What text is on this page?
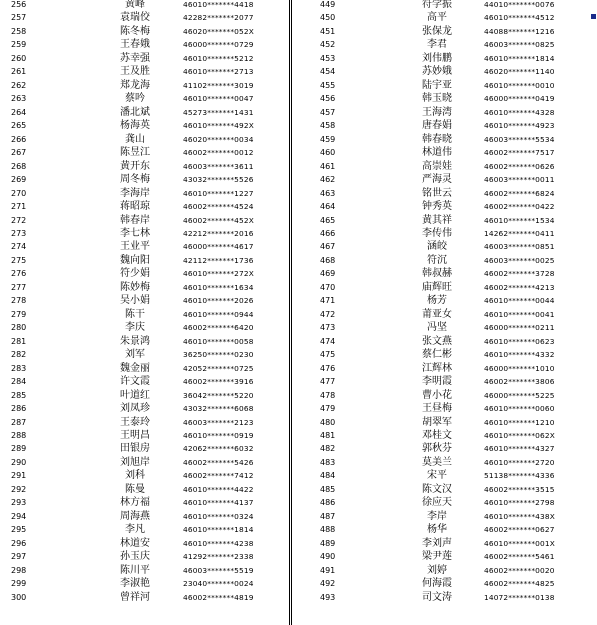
256	黄峰	46010*******4418
257	袁瑞佼	42282*******2077
258	陈冬梅	46020*******052X
259	王春娥	46000*******0729
260	苏幸强	46010*******5212
261	王及胜	46010*******2713
262	郑龙海	41102*******3019
263	蔡吟	46010*******0047
264	潘北斌	45273*******1431
265	杨海英	46010*******492X
266	龚山	46020*******0034
267	陈昱江	46002*******0012
268	黄开东	46003*******3611
269	周冬梅	43032*******5526
270	李海岸	46010*******1227
271	蒋昭琼	46002*******4524
272	韩春岸	46002*******452X
273	李七林	42212*******2016
274	王业平	46000*******4617
275	魏向阳	42112*******1736
276	符少娟	46010*******272X
277	陈妙梅	46010*******1634
278	吴小娟	46010*******2026
279	陈干	46010*******0944
280	李庆	46002*******6420
281	朱景鸿	46010*******0058
282	刘军	36250*******0230
283	魏金丽	42052*******0725
284	许文霞	46002*******3916
285	叶道红	36042*******5220
286	刘凤珍	43032*******6068
287	王泰玲	46003*******2123
288	王明昌	46010*******0919
289	田银房	42062*******6032
290	刘旭岸	46002*******5426
291	刘科	46002*******7412
292	陈曼	46010*******4422
293	林方福	46010*******4137
294	周海燕	46010*******0324
295	李凡	46010*******1814
296	林道安	46010*******4238
297	孙玉庆	41292*******2338
298	陈川平	46003*******5519
299	李淑艳	23040*******0024
300	曾祥河	46002*******4819
449	符学振	44010*******0076
450	高平	46010*******4512
451	张保龙	44088*******1216
452	李君	46003*******0825
453	刘伟鹏	46010*******1814
454	苏妙娥	46020*******1140
455	陆宇亚	46010*******0010
456	韩玉晓	46000*******0419
457	王海湾	46010*******4328
458	唐春娟	46010*******4923
459	韩春晓	46003*******5534
460	林道伟	46002*******7517
461	高崇娃	46002*******0626
462	严海灵	46003*******0011
463	铭世云	46002*******6824
464	钟秀英	46002*******0422
465	黄其祥	46010*******1534
466	李传伟	14262*******0411
467	涵皎	46003*******0851
468	符沉	46003*******0025
469	韩叔赫	46002*******3728
470	庙辉旺	46002*******4213
471	杨芳	46010*******0044
472	莆亚女	46010*******0041
473	冯坚	46000*******0211
474	张文燕	46010*******0623
475	蔡仁彬	46010*******4332
476	江辉林	46000*******1010
477	李明霞	46002*******3806
478	曹小花	46000*******5225
479	王昼梅	46010*******0060
480	胡翠军	46010*******1210
481	邓桂文	46010*******062X
482	郭秋芬	46010*******4327
483	莫美兰	46010*******2720
484	宋平	51138*******4336
485	陈文汉	46002*******3515
486	徐应天	46010*******2798
487	李岸	46010*******438X
488	杨华	46002*******0627
489	李刘声	46010*******001X
490	梁尹莲	46002*******5461
491	刘婷	46002*******0020
492	何海霞	46002*******4825
493	司文涛	14072*******0138
